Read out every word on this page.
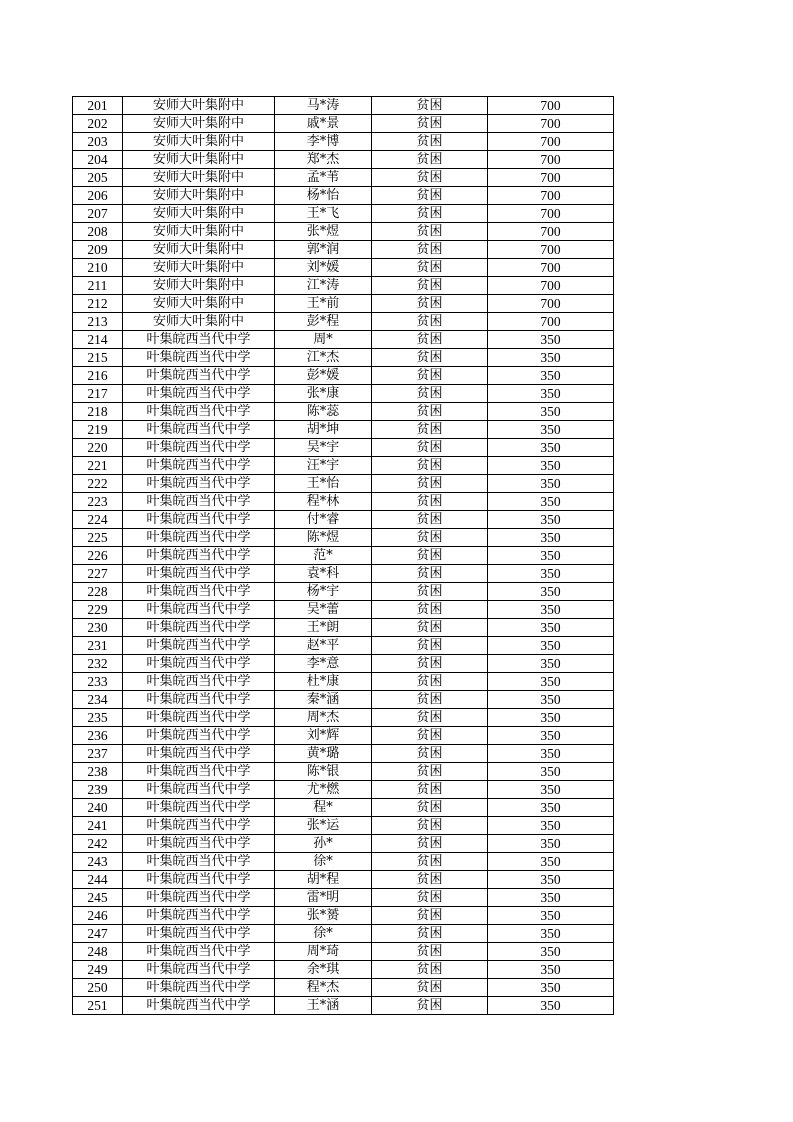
201	安师大叶集附中	马*涛	贫困	700
202	安师大叶集附中	戚*景	贫困	700
203	安师大叶集附中	李*博	贫困	700
204	安师大叶集附中	郑*杰	贫困	700
205	安师大叶集附中	孟*苇	贫困	700
206	安师大叶集附中	杨*怡	贫困	700
207	安师大叶集附中	王*飞	贫困	700
208	安师大叶集附中	张*煜	贫困	700
209	安师大叶集附中	郭*润	贫困	700
210	安师大叶集附中	刘*媛	贫困	700
211	安师大叶集附中	江*涛	贫困	700
212	安师大叶集附中	王*前	贫困	700
213	安师大叶集附中	彭*程	贫困	700
214	叶集皖西当代中学	周*	贫困	350
215	叶集皖西当代中学	江*杰	贫困	350
216	叶集皖西当代中学	彭*媛	贫困	350
217	叶集皖西当代中学	张*康	贫困	350
218	叶集皖西当代中学	陈*蕊	贫困	350
219	叶集皖西当代中学	胡*坤	贫困	350
220	叶集皖西当代中学	吴*宇	贫困	350
221	叶集皖西当代中学	汪*宇	贫困	350
222	叶集皖西当代中学	王*怡	贫困	350
223	叶集皖西当代中学	程*林	贫困	350
224	叶集皖西当代中学	付*睿	贫困	350
225	叶集皖西当代中学	陈*煜	贫困	350
226	叶集皖西当代中学	范*	贫困	350
227	叶集皖西当代中学	袁*科	贫困	350
228	叶集皖西当代中学	杨*宇	贫困	350
229	叶集皖西当代中学	吴*蕾	贫困	350
230	叶集皖西当代中学	王*朗	贫困	350
231	叶集皖西当代中学	赵*平	贫困	350
232	叶集皖西当代中学	李*意	贫困	350
233	叶集皖西当代中学	杜*康	贫困	350
234	叶集皖西当代中学	秦*涵	贫困	350
235	叶集皖西当代中学	周*杰	贫困	350
236	叶集皖西当代中学	刘*辉	贫困	350
237	叶集皖西当代中学	黄*璐	贫困	350
238	叶集皖西当代中学	陈*银	贫困	350
239	叶集皖西当代中学	尤*燃	贫困	350
240	叶集皖西当代中学	程*	贫困	350
241	叶集皖西当代中学	张*运	贫困	350
242	叶集皖西当代中学	孙*	贫困	350
243	叶集皖西当代中学	徐*	贫困	350
244	叶集皖西当代中学	胡*程	贫困	350
245	叶集皖西当代中学	雷*明	贫困	350
246	叶集皖西当代中学	张*赟	贫困	350
247	叶集皖西当代中学	徐*	贫困	350
248	叶集皖西当代中学	周*琦	贫困	350
249	叶集皖西当代中学	余*琪	贫困	350
250	叶集皖西当代中学	程*杰	贫困	350
251	叶集皖西当代中学	王*涵	贫困	350
